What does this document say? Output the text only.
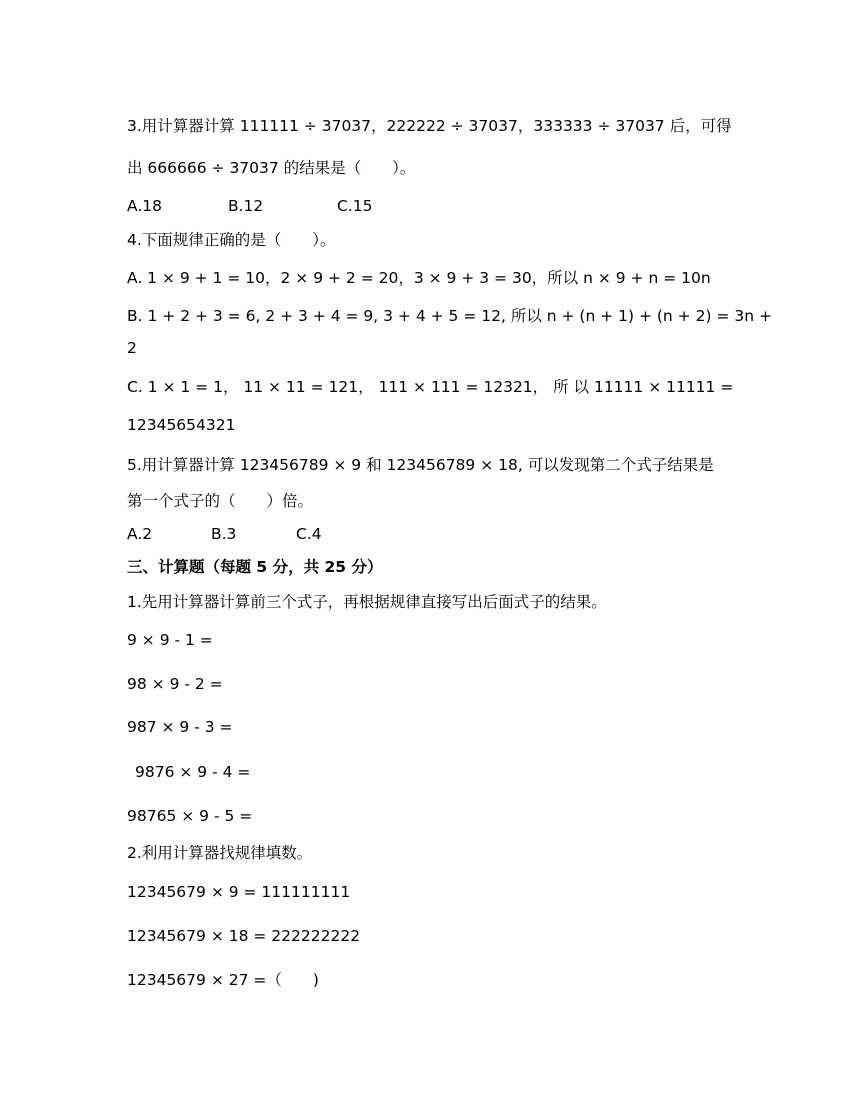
3.用计算器计算 111111 ÷ 37037，222222 ÷ 37037，333333 ÷ 37037 后，可得
出 666666 ÷ 37037 的结果是（　　）。
A.18	B.12	C.15
4.下面规律正确的是（　　）。
A. 1 × 9 + 1 = 10，2 × 9 + 2 = 20，3 × 9 + 3 = 30，所以 n × 9 + n = 10n
B. 1 + 2 + 3 = 6, 2 + 3 + 4 = 9, 3 + 4 + 5 = 12, 所以 n + (n + 1) + (n + 2) = 3n +
2
C. 1 × 1 = 1， 11 × 11 = 121， 111 × 111 = 12321， 所 以 11111 × 11111 =
12345654321
5.用计算器计算 123456789 × 9 和 123456789 × 18, 可以发现第二个式子结果是
第一个式子的（　　）倍。
A.2	B.3	C.4
三、计算题（每题 5 分，共 25 分）
1.先用计算器计算前三个式子，再根据规律直接写出后面式子的结果。
9 × 9 - 1 =
98 × 9 - 2 =
987 × 9 - 3 =
9876 × 9 - 4 =
98765 × 9 - 5 =
2.利用计算器找规律填数。
12345679 × 9 = 111111111
12345679 × 18 = 222222222
12345679 × 27 =（　　)
